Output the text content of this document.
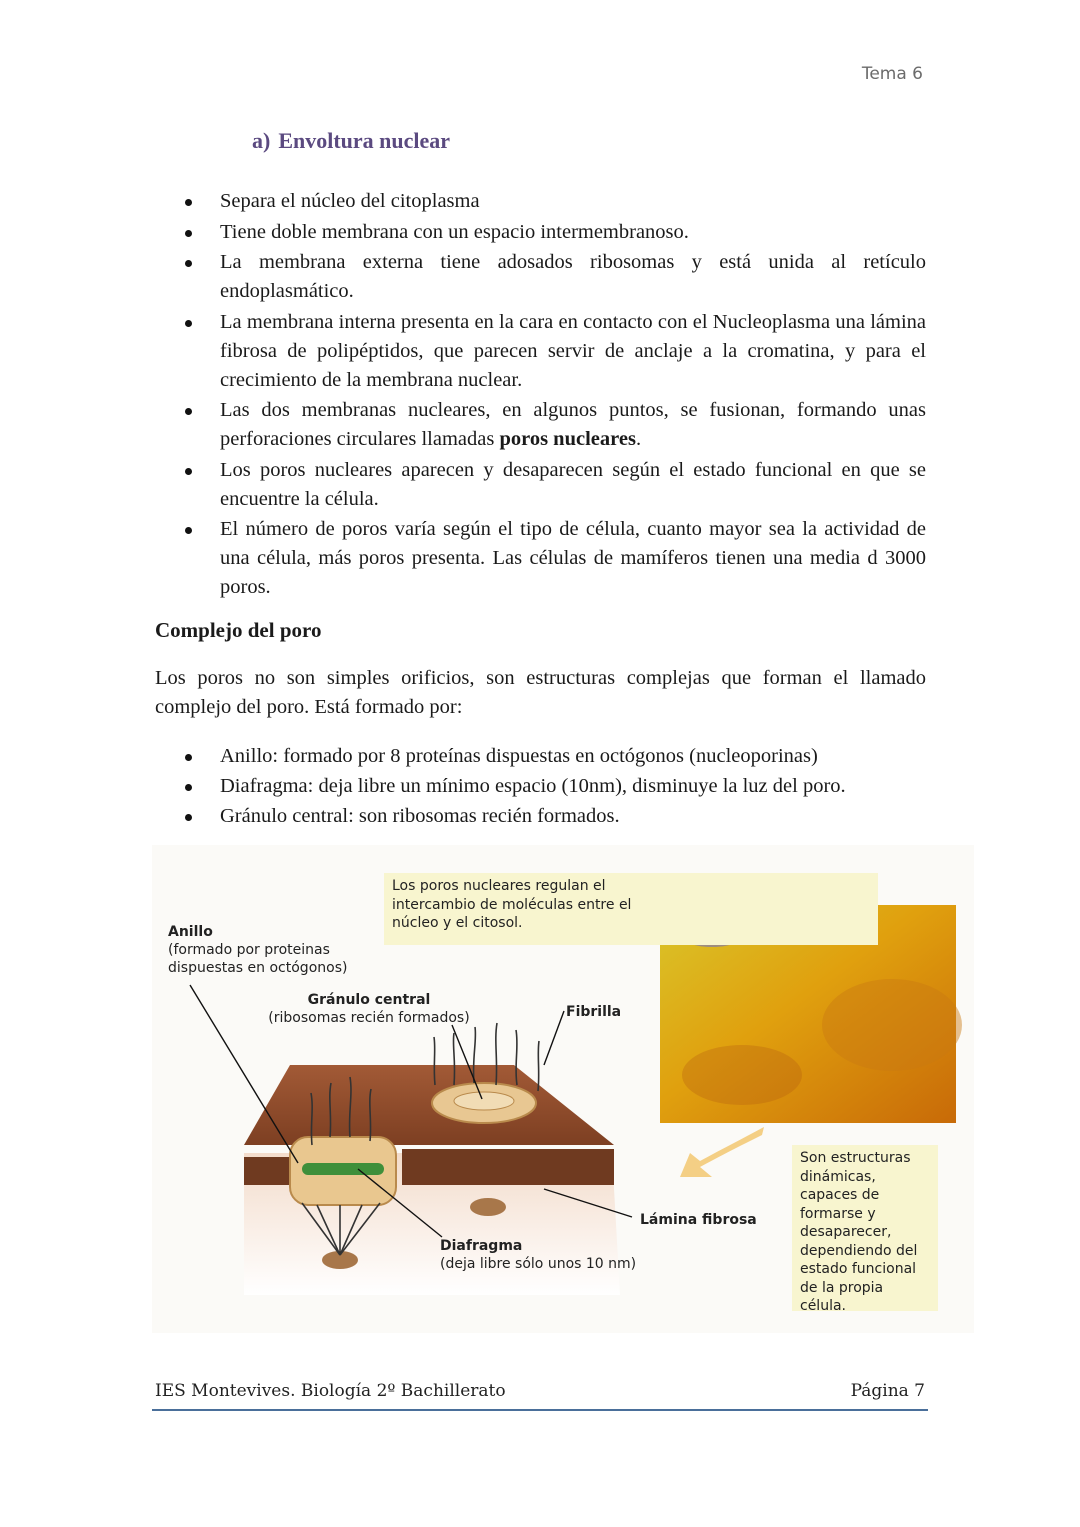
Tema 6
a) Envoltura nuclear
Separa el núcleo del citoplasma
Tiene doble membrana con un espacio intermembranoso.
La membrana externa tiene adosados ribosomas y está unida al retículo endoplasmático.
La membrana interna presenta en la cara en contacto con el Nucleoplasma una lámina fibrosa de polipéptidos, que parecen servir de anclaje a la cromatina, y para el crecimiento de la membrana nuclear.
Las dos membranas nucleares, en algunos puntos, se fusionan, formando unas perforaciones circulares llamadas poros nucleares.
Los poros nucleares aparecen y desaparecen según el estado funcional en que se encuentre la célula.
El número de poros varía según el tipo de célula, cuanto mayor sea la actividad de una célula, más poros presenta. Las células de mamíferos tienen una media d 3000 poros.
Complejo del poro
Los poros no son simples orificios, son estructuras complejas que forman el llamado complejo del poro. Está formado por:
Anillo: formado por 8 proteínas dispuestas en octógonos (nucleoporinas)
Diafragma: deja libre un mínimo espacio (10nm), disminuye la luz del poro.
Gránulo central: son ribosomas recién formados.
Los poros nucleares regulan el intercambio de moléculas entre el núcleo y el citosol.
Anillo
(formado por proteinas dispuestas en octógonos)
Gránulo central
(ribosomas recién formados)	Fibrilla
Lámina fibrosa
Diafragma
(deja libre sólo unos 10 nm)
Son estructuras dinámicas, capaces de formarse y desaparecer, dependiendo del estado funcional de la propia célula.
IES Montevives. Biología 2º Bachillerato	Página 7
